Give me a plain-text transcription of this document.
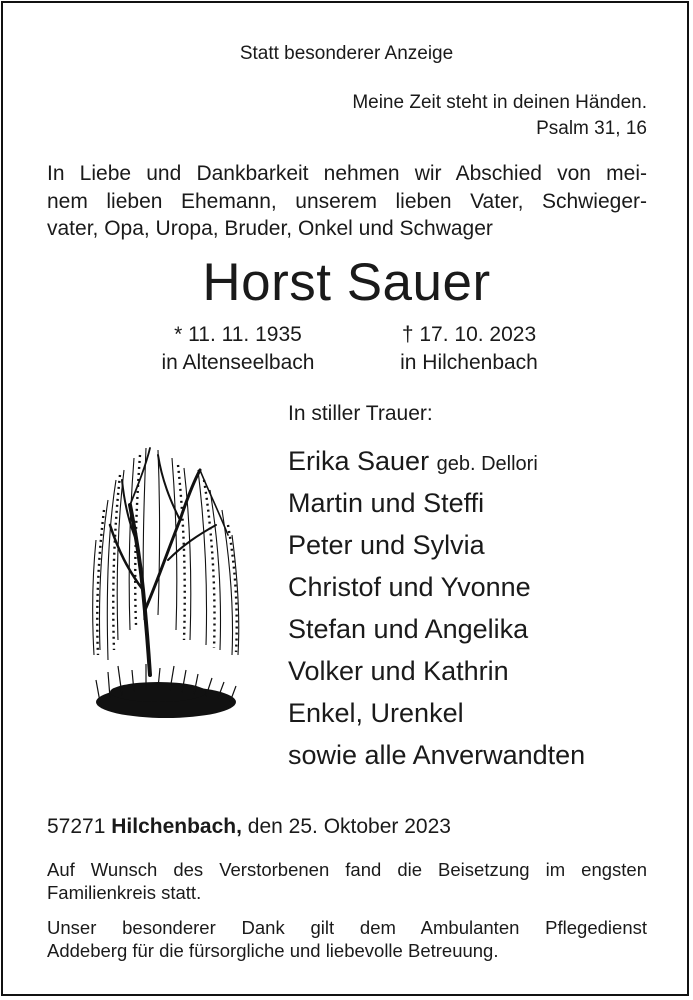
Statt besonderer Anzeige
Meine Zeit steht in deinen Händen.
Psalm 31, 16
In Liebe und Dankbarkeit nehmen wir Abschied von mei-
nem lieben Ehemann, unserem lieben Vater, Schwieger-
vater, Opa, Uropa, Bruder, Onkel und Schwager
Horst Sauer
* 11. 11. 1935
in Altenseelbach
† 17. 10. 2023
in Hilchenbach
In stiller Trauer:
Erika Sauer geb. Dellori
Martin und Steffi
Peter und Sylvia
Christof und Yvonne
Stefan und Angelika
Volker und Kathrin
Enkel, Urenkel
sowie alle Anverwandten
57271 Hilchenbach, den 25. Oktober 2023
Auf Wunsch des Verstorbenen fand die Beisetzung im engsten
Familienkreis statt.
Unser besonderer Dank gilt dem Ambulanten Pflegedienst
Addeberg für die fürsorgliche und liebevolle Betreuung.
